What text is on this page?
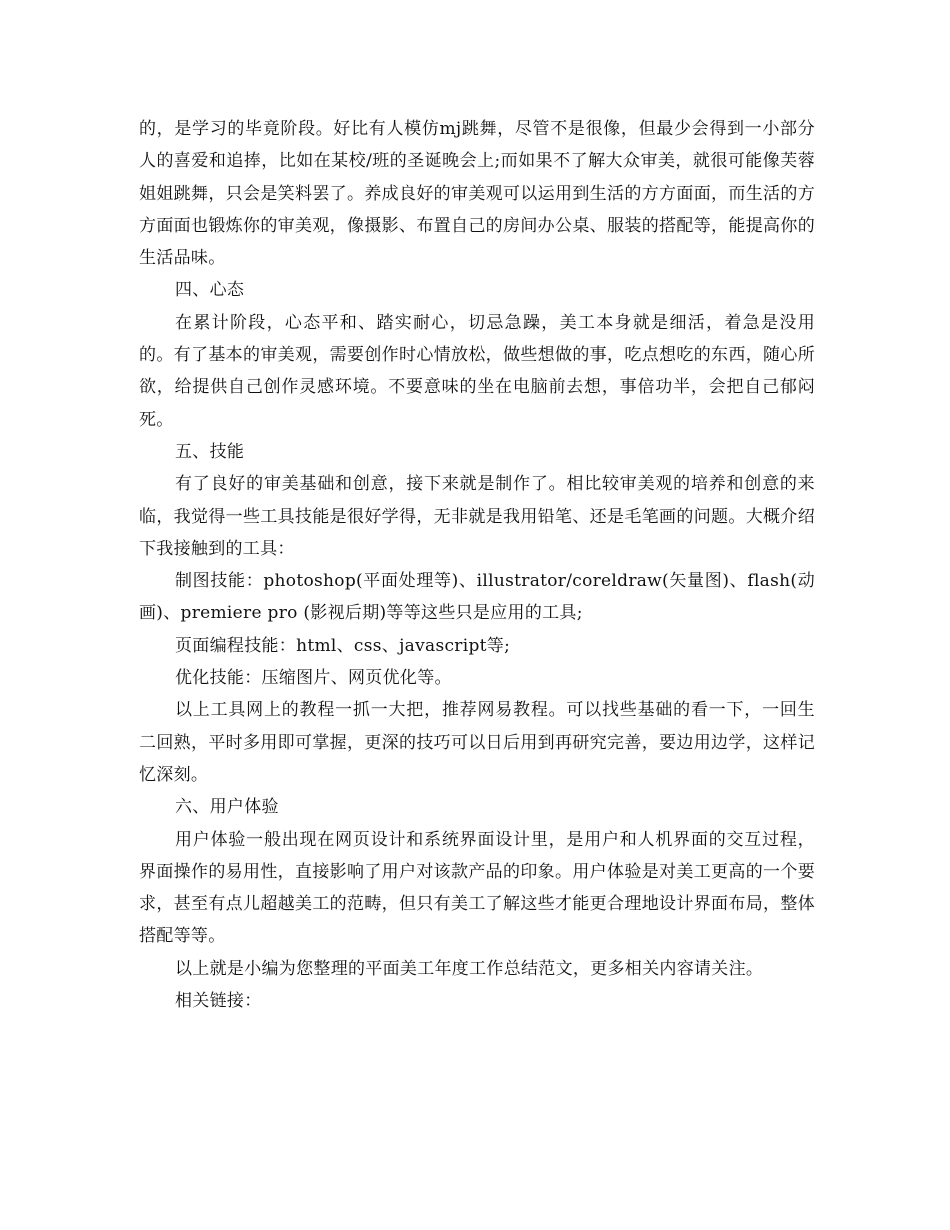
的，是学习的毕竟阶段。好比有人模仿mj跳舞，尽管不是很像，但最少会得到一小部分人的喜爱和追捧，比如在某校/班的圣诞晚会上;而如果不了解大众审美，就很可能像芙蓉姐姐跳舞，只会是笑料罢了。养成良好的审美观可以运用到生活的方方面面，而生活的方方面面也锻炼你的审美观，像摄影、布置自己的房间办公桌、服装的搭配等，能提高你的生活品味。

四、心态

在累计阶段，心态平和、踏实耐心，切忌急躁，美工本身就是细活，着急是没用的。有了基本的审美观，需要创作时心情放松，做些想做的事，吃点想吃的东西，随心所欲，给提供自己创作灵感环境。不要意味的坐在电脑前去想，事倍功半，会把自己郁闷死。

五、技能

有了良好的审美基础和创意，接下来就是制作了。相比较审美观的培养和创意的来临，我觉得一些工具技能是很好学得，无非就是我用铅笔、还是毛笔画的问题。大概介绍下我接触到的工具：

制图技能：photoshop(平面处理等)、illustrator/coreldraw(矢量图)、flash(动画)、premiere pro (影视后期)等等这些只是应用的工具;

页面编程技能：html、css、javascript等;

优化技能：压缩图片、网页优化等。

以上工具网上的教程一抓一大把，推荐网易教程。可以找些基础的看一下，一回生二回熟，平时多用即可掌握，更深的技巧可以日后用到再研究完善，要边用边学，这样记忆深刻。

六、用户体验

用户体验一般出现在网页设计和系统界面设计里，是用户和人机界面的交互过程，界面操作的易用性，直接影响了用户对该款产品的印象。用户体验是对美工更高的一个要求，甚至有点儿超越美工的范畴，但只有美工了解这些才能更合理地设计界面布局，整体搭配等等。

以上就是小编为您整理的平面美工年度工作总结范文，更多相关内容请关注。

相关链接：
